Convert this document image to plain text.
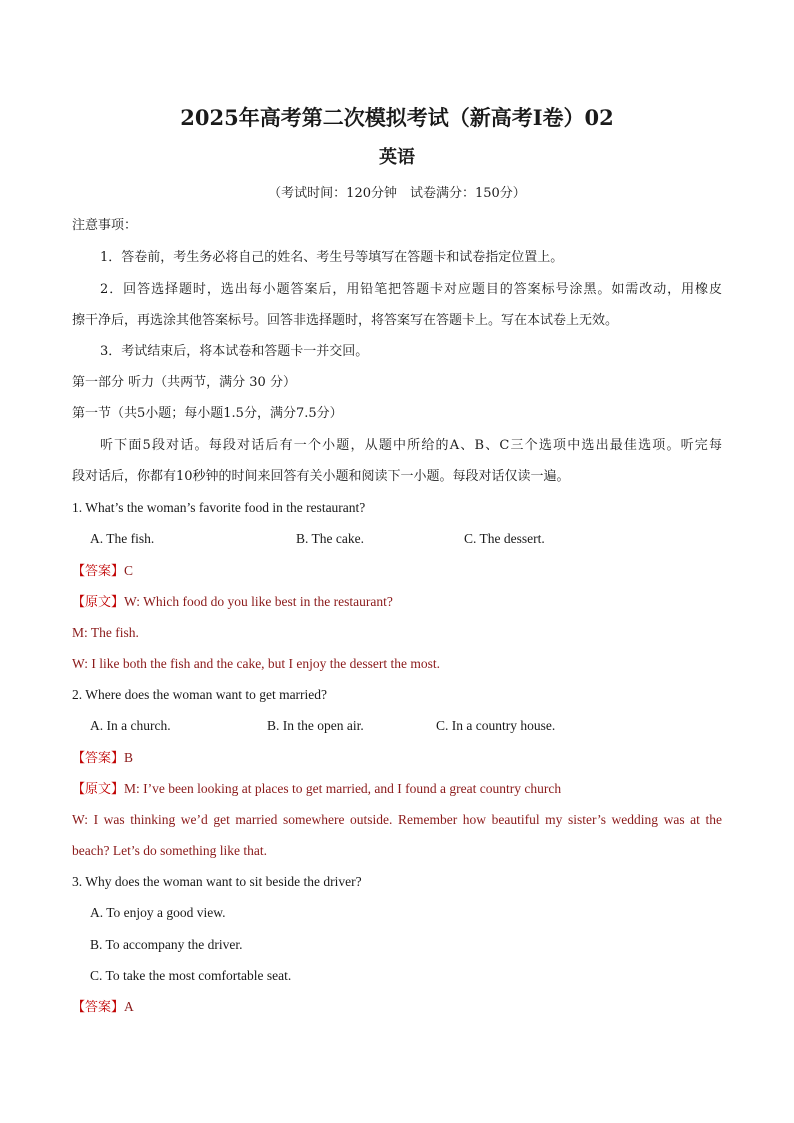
2025年高考第二次模拟考试（新高考I卷）02
英语
（考试时间：120分钟　试卷满分：150分）
注意事项：
1．答卷前，考生务必将自己的姓名、考生号等填写在答题卡和试卷指定位置上。
2．回答选择题时，选出每小题答案后，用铅笔把答题卡对应题目的答案标号涂黑。如需改动，用橡皮
擦干净后，再选涂其他答案标号。回答非选择题时，将答案写在答题卡上。写在本试卷上无效。
3．考试结束后，将本试卷和答题卡一并交回。
第一部分 听力（共两节，满分 30 分）
第一节（共5小题；每小题1.5分，满分7.5分）
听下面5段对话。每段对话后有一个小题，从题中所给的A、B、C三个选项中选出最佳选项。听完每
段对话后，你都有10秒钟的时间来回答有关小题和阅读下一小题。每段对话仅读一遍。
1. What’s the woman’s favorite food in the restaurant?
A. The fish.	B. The cake.	C. The dessert.
【答案】C
【原文】W: Which food do you like best in the restaurant?
M: The fish.
W: I like both the fish and the cake, but I enjoy the dessert the most.
2. Where does the woman want to get married?
A. In a church.	B. In the open air.	C. In a country house.
【答案】B
【原文】M: I’ve been looking at places to get married, and I found a great country church
W: I was thinking we’d get married somewhere outside. Remember how beautiful my sister’s wedding was at the
beach? Let’s do something like that.
3. Why does the woman want to sit beside the driver?
A. To enjoy a good view.
B. To accompany the driver.
C. To take the most comfortable seat.
【答案】A
